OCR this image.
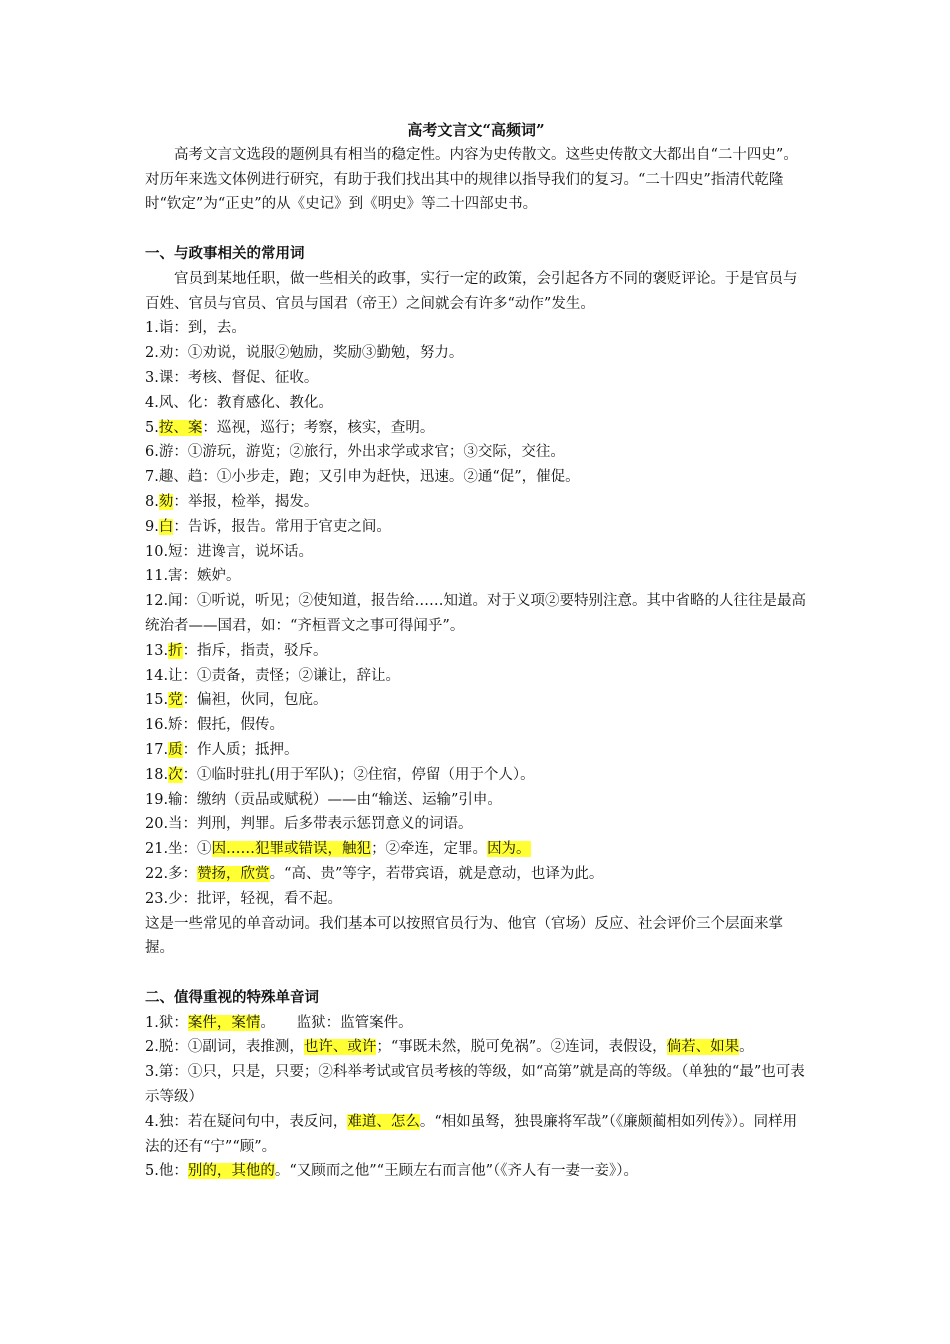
高考文言文“高频词”

高考文言文选段的题例具有相当的稳定性。内容为史传散文。这些史传散文大都出自“二十四史”。对历年来选文体例进行研究，有助于我们找出其中的规律以指导我们的复习。“二十四史”指清代乾隆时“钦定”为“正史”的从《史记》到《明史》等二十四部史书。

一、与政事相关的常用词

官员到某地任职，做一些相关的政事，实行一定的政策，会引起各方不同的褒贬评论。于是官员与百姓、官员与官员、官员与国君（帝王）之间就会有许多“动作”发生。

1.诣：到，去。

2.劝：①劝说，说服②勉励，奖励③勤勉，努力。

3.课：考核、督促、征收。

4.风、化：教育感化、教化。

5.按、案：巡视，巡行；考察，核实，查明。

6.游：①游玩，游览；②旅行，外出求学或求官；③交际，交往。

7.趣、趋：①小步走，跑；又引申为赶快，迅速。②通“促”，催促。

8.劾：举报，检举，揭发。

9.白：告诉，报告。常用于官吏之间。

10.短：进谗言，说坏话。

11.害：嫉妒。

12.闻：①听说，听见；②使知道，报告给……知道。对于义项②要特别注意。其中省略的人往往是最高统治者——国君，如：“齐桓晋文之事可得闻乎”。

13.折：指斥，指责，驳斥。

14.让：①责备，责怪；②谦让，辞让。

15.党：偏袒，伙同，包庇。

16.矫：假托，假传。

17.质：作人质；抵押。

18.次：①临时驻扎(用于军队)；②住宿，停留（用于个人）。

19.输：缴纳（贡品或赋税）——由“输送、运输”引申。

20.当：判刑，判罪。后多带表示惩罚意义的词语。

21.坐：①因……犯罪或错误，触犯；②牵连，定罪。因为。

22.多：赞扬，欣赏。“高、贵”等字，若带宾语，就是意动，也译为此。

23.少：批评，轻视，看不起。

这是一些常见的单音动词。我们基本可以按照官员行为、他官（官场）反应、社会评价三个层面来掌握。

二、值得重视的特殊单音词

1.狱：案件，案情。　　监狱：监管案件。

2.脱：①副词，表推测，也许、或许；“事既未然，脱可免祸”。②连词，表假设，倘若、如果。

3.第：①只，只是，只要；②科举考试或官员考核的等级，如“高第”就是高的等级。（单独的“最”也可表示等级）

4.独：若在疑问句中，表反问，难道、怎么。“相如虽驽，独畏廉将军哉”（《廉颇蔺相如列传》）。同样用法的还有“宁”“顾”。

5.他：别的，其他的。“又顾而之他”“王顾左右而言他”（《齐人有一妻一妾》）。
